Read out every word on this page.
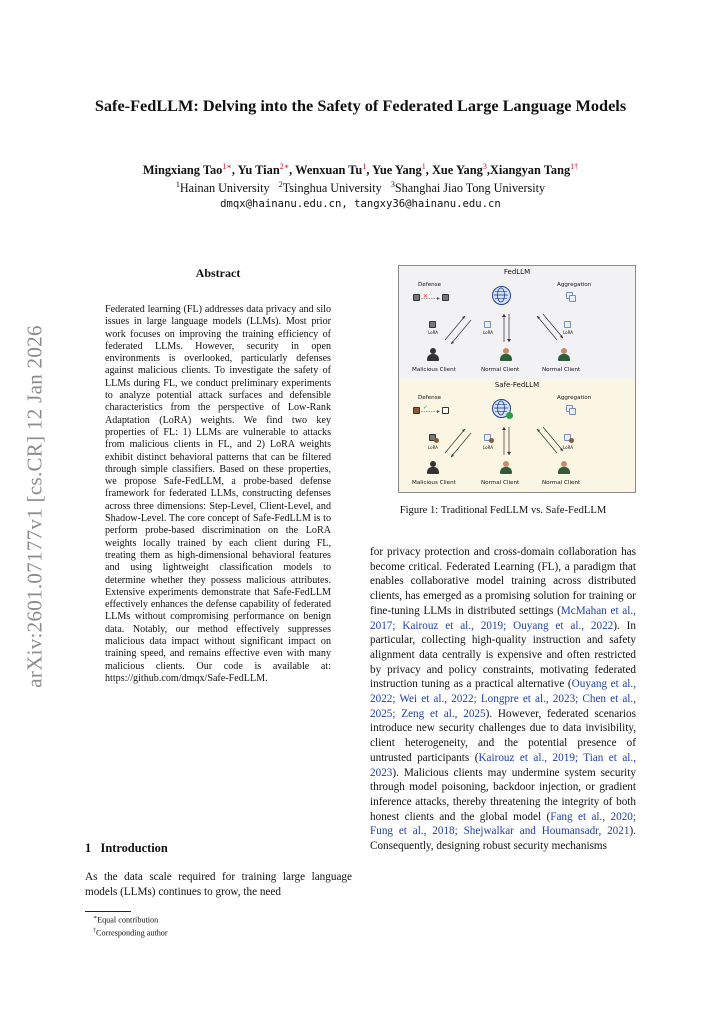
arXiv:2601.07177v1 [cs.CR] 12 Jan 2026
Safe-FedLLM: Delving into the Safety of Federated Large Language Models
Mingxiang Tao$^{1∗}$, Yu Tian$^{2∗}$, Wenxuan Tu$^1$, Yue Yang$^1$, Xue Yang$^3$,Xiangyan Tang$^{1\dagger}$
$^1$Hainan University $^2$Tsinghua University $^3$Shanghai Jiao Tong University
dmqx@hainanu.edu.cn, tangxy36@hainanu.edu.cn
Abstract
Federated learning (FL) addresses data privacy and silo issues in large language models (LLMs). Most prior work focuses on improving the training efficiency of federated LLMs. However, security in open environments is overlooked, particularly defenses against malicious clients. To investigate the safety of LLMs during FL, we conduct preliminary experiments to analyze potential attack surfaces and defensible characteristics from the perspective of Low-Rank Adaptation (LoRA) weights. We find two key properties of FL: 1) LLMs are vulnerable to attacks from malicious clients in FL, and 2) LoRA weights exhibit distinct behavioral patterns that can be filtered through simple classifiers. Based on these properties, we propose Safe-FedLLM, a probe-based defense framework for federated LLMs, constructing defenses across three dimensions: Step-Level, Client-Level, and Shadow-Level. The core concept of Safe-FedLLM is to perform probe-based discrimination on the LoRA weights locally trained by each client during FL, treating them as high-dimensional behavioral features and using lightweight classification models to determine whether they possess malicious attributes. Extensive experiments demonstrate that Safe-FedLLM effectively enhances the defense capability of federated LLMs without compromising performance on benign data. Notably, our method effectively suppresses malicious data impact without significant impact on training speed, and remains effective even with many malicious clients. Our code is available at: https://github.com/dmqx/Safe-FedLLM.
1 Introduction
As the data scale required for training large language models (LLMs) continues to grow, the need
∗Equal contribution
†Corresponding author
for privacy protection and cross-domain collaboration has become critical. Federated Learning (FL), a paradigm that enables collaborative model training across distributed clients, has emerged as a promising solution for training or fine-tuning LLMs in distributed settings (McMahan et al., 2017; Kairouz et al., 2019; Ouyang et al., 2022). In particular, collecting high-quality instruction and safety alignment data centrally is expensive and often restricted by privacy and policy constraints, motivating federated instruction tuning as a practical alternative (Ouyang et al., 2022; Wei et al., 2022; Longpre et al., 2023; Chen et al., 2025; Zeng et al., 2025). However, federated scenarios introduce new security challenges due to data invisibility, client heterogeneity, and the potential presence of untrusted participants (Kairouz et al., 2019; Tian et al., 2023). Malicious clients may undermine system security through model poisoning, backdoor injection, or gradient inference attacks, thereby threatening the integrity of both honest clients and the global model (Fang et al., 2020; Fung et al., 2018; Shejwalkar and Houmansadr, 2021). Consequently, designing robust security mechanisms
FedLLM
Defense	Aggregation
✕
LoRA	LoRA	LoRA
Malicious Client	Normal Client	Normal Client
Safe-FedLLM
Defense	Aggregation
✓
LoRA	LoRA	LoRA
Malicious Client	Normal Client	Normal Client
Figure 1: Traditional FedLLM vs. Safe-FedLLM
